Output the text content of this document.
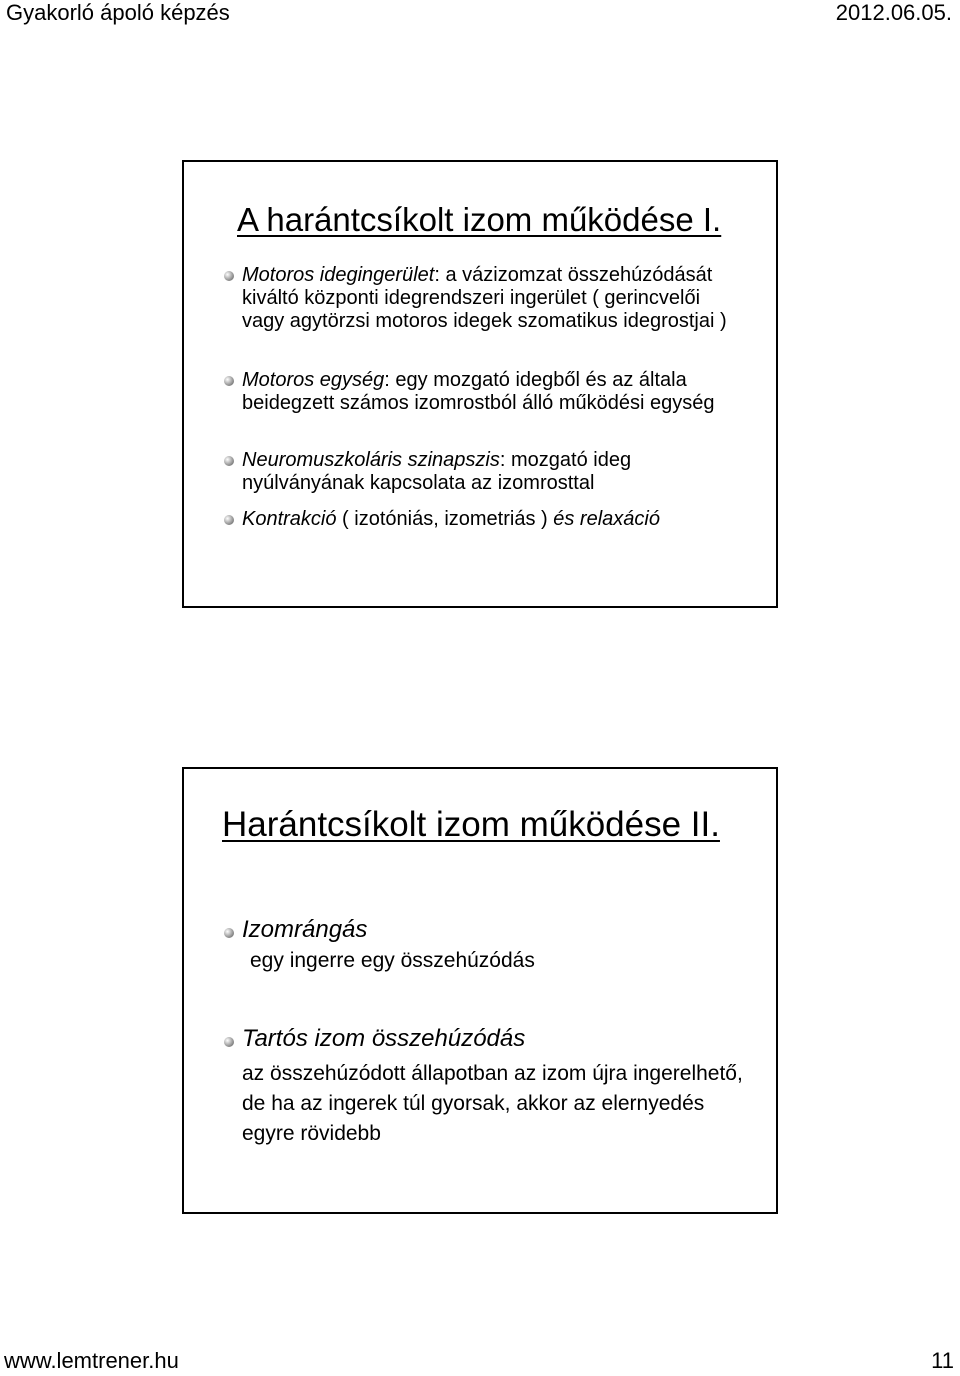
Gyakorló ápoló képzés	2012.06.05.
A harántcsíkolt izom működése I.
Motoros idegingerület: a vázizomzat összehúzódását kiváltó központi idegrendszeri ingerület ( gerincvelői vagy agytörzsi motoros idegek szomatikus idegrostjai )
Motoros egység: egy mozgató idegből és az általa beidegzett számos izomrostból álló működési egység
Neuromuszkoláris szinapszis: mozgató ideg nyúlványának kapcsolata az izomrosttal
Kontrakció ( izotóniás, izometriás ) és relaxáció
Harántcsíkolt izom működése II.
Izomrángás
egy ingerre egy összehúzódás
Tartós izom összehúzódás
az összehúzódott állapotban az izom újra ingerelhető, de ha az ingerek túl gyorsak, akkor az elernyedés egyre rövidebb
www.lemtrener.hu	11
